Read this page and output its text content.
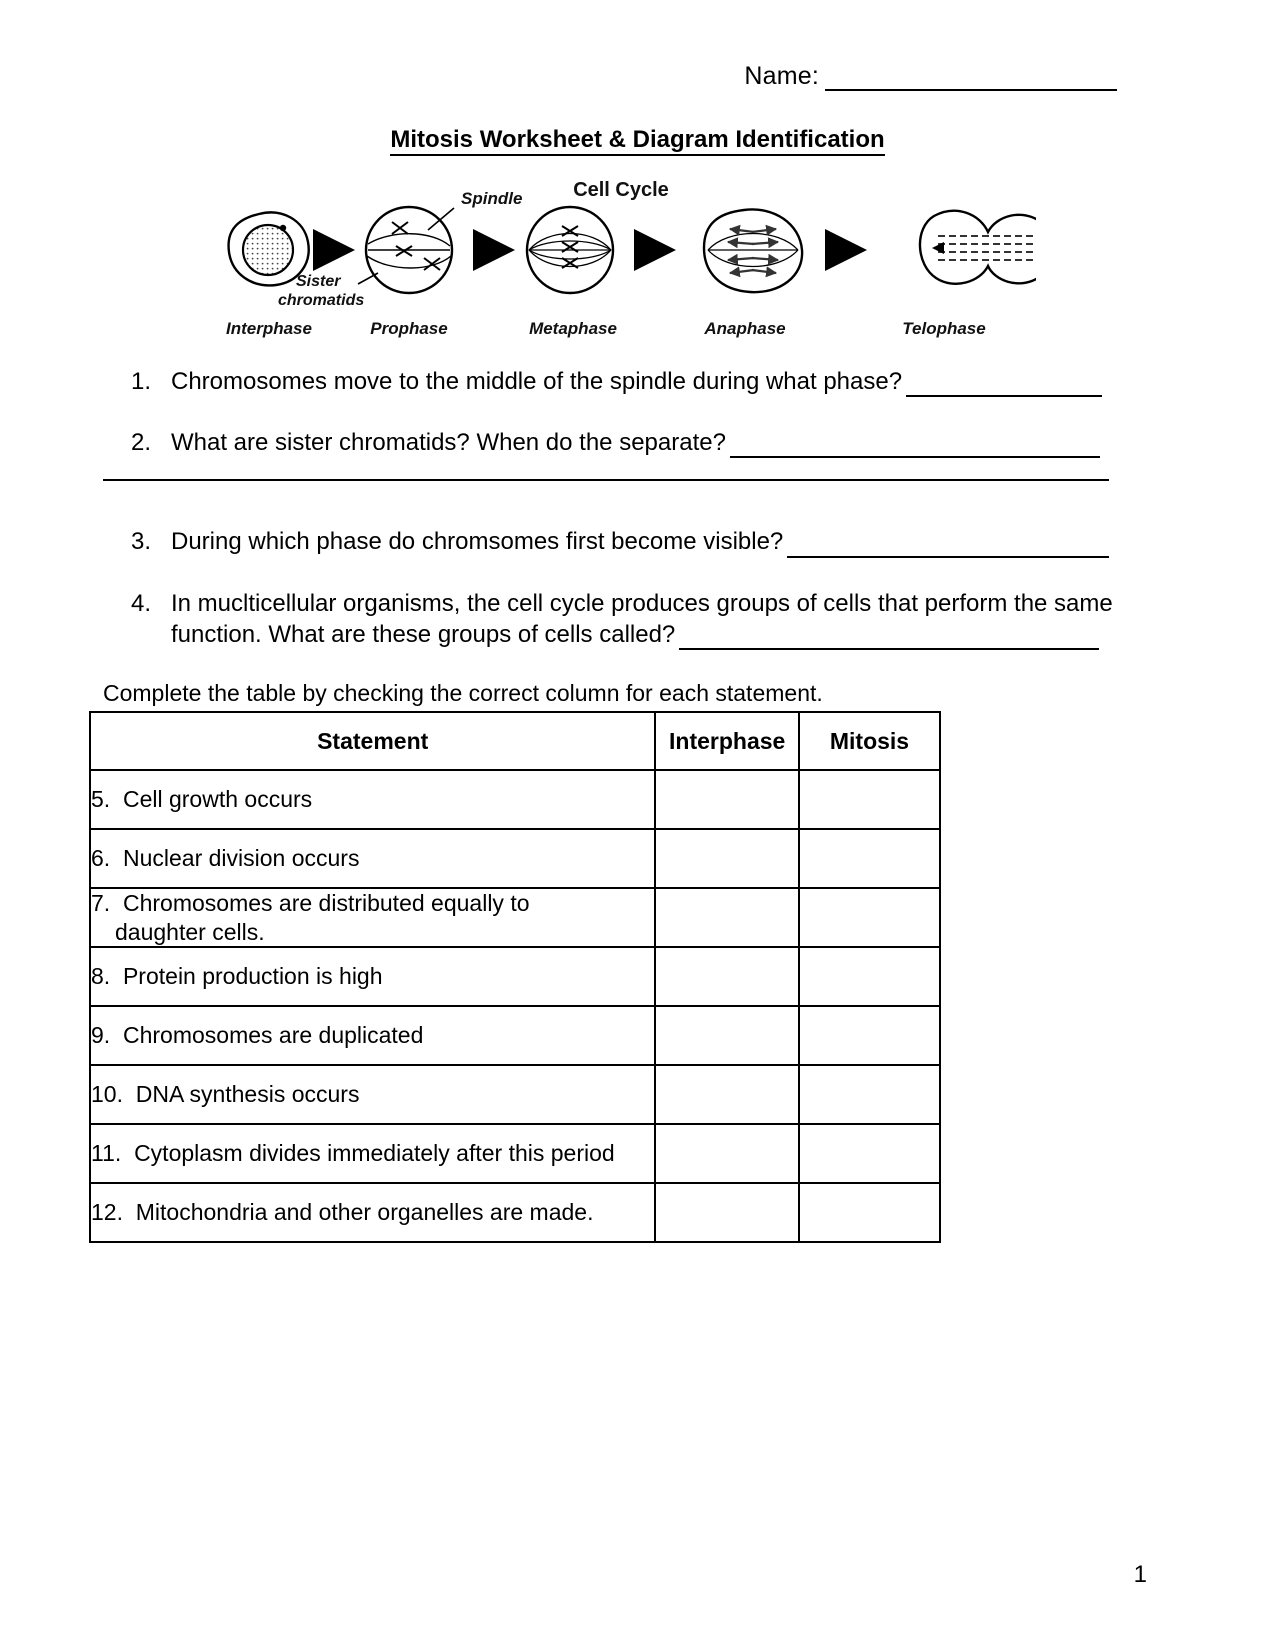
Name:
Mitosis Worksheet & Diagram Identification
Cell Cycle
Spindle
Sister
chromatids
Interphase	Prophase	Metaphase	Anaphase	Telophase
1. Chromosomes move to the middle of the spindle during what phase?
2. What are sister chromatids? When do the separate?
3. During which phase do chromsomes first become visible?
4. In muclticellular organisms, the cell cycle produces groups of cells that perform the same function. What are these groups of cells called?
Complete the table by checking the correct column for each statement.
Statement	Interphase	Mitosis
5. Cell growth occurs		
6. Nuclear division occurs		
7. Chromosomes are distributed equally to
daughter cells.		

8. Protein production is high		
9. Chromosomes are duplicated		
10. DNA synthesis occurs		
11. Cytoplasm divides immediately after this period		
12. Mitochondria and other organelles are made.		
1
